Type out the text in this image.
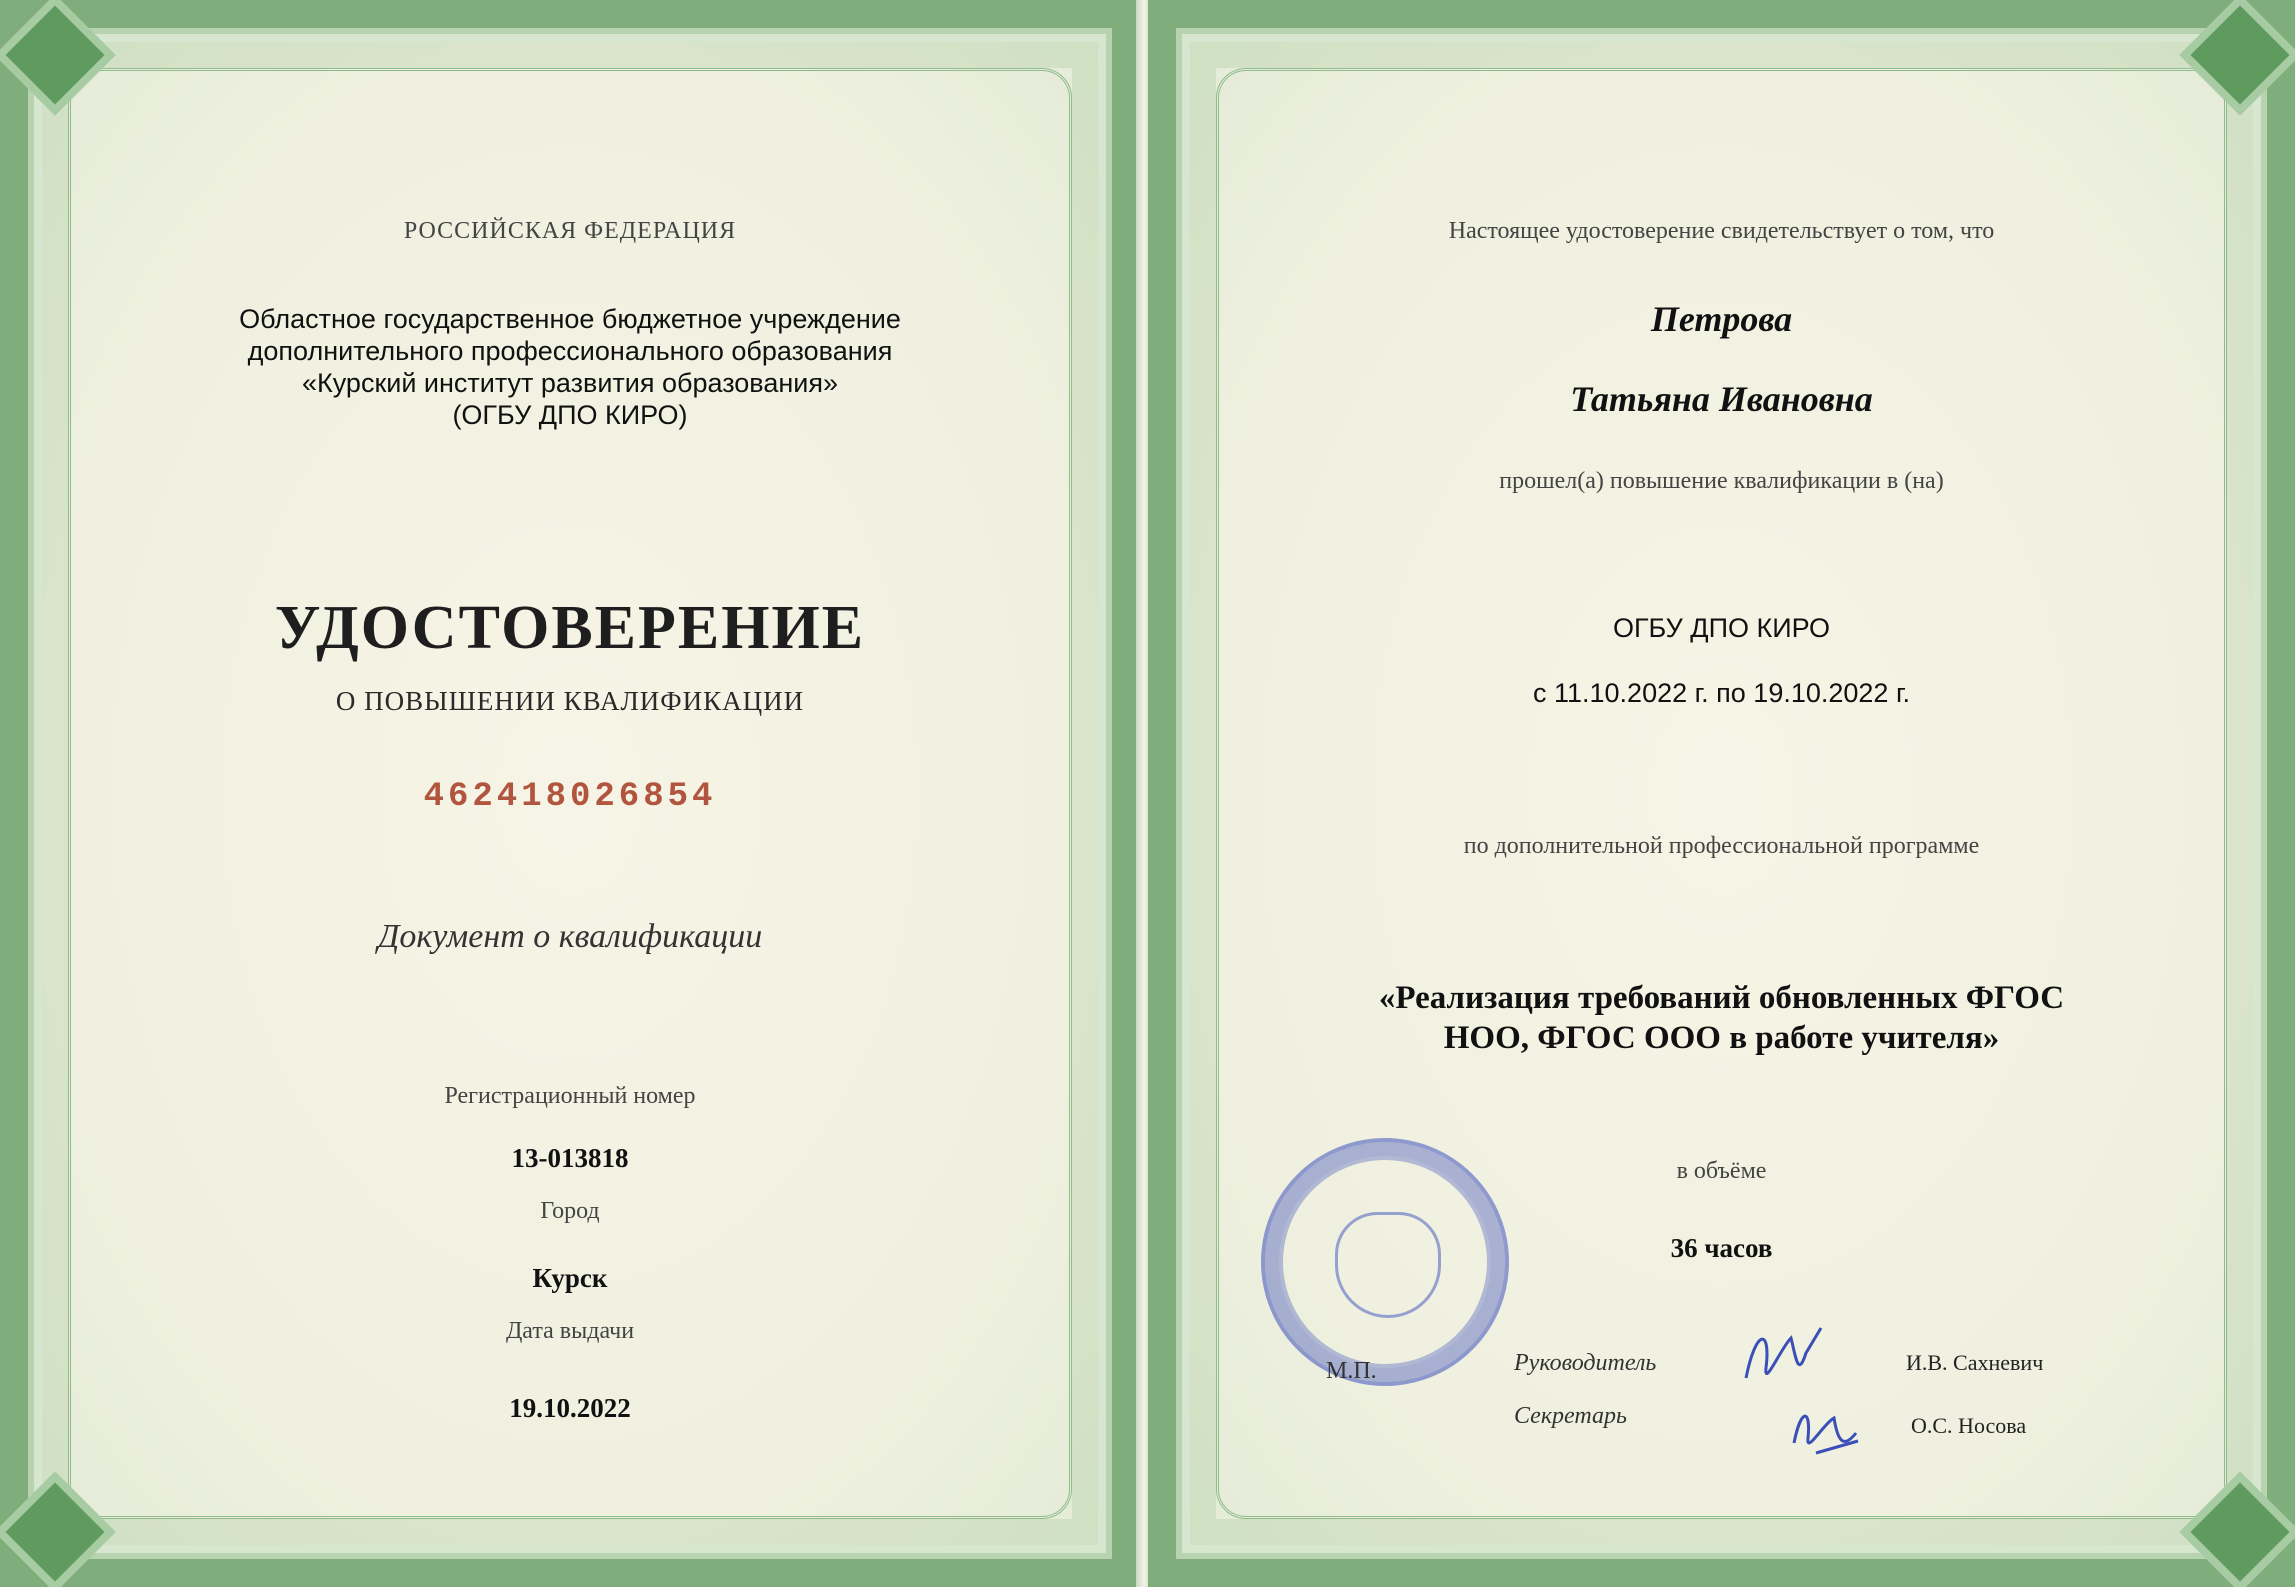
РОССИЙСКАЯ ФЕДЕРАЦИЯ
Областное государственное бюджетное учреждение
дополнительного профессионального образования
«Курский институт развития образования»
(ОГБУ ДПО КИРО)
УДОСТОВЕРЕНИЕ
О ПОВЫШЕНИИ КВАЛИФИКАЦИИ
462418026854
Документ о квалификации
Регистрационный номер
13-013818
Город
Курск
Дата выдачи
19.10.2022
Настоящее удостоверение свидетельствует о том, что
Петрова
Татьяна Ивановна
прошел(а) повышение квалификации в (на)
ОГБУ ДПО КИРО
с 11.10.2022 г. по 19.10.2022 г.
по дополнительной профессиональной программе
«Реализация требований обновленных ФГОС
НОО, ФГОС ООО в работе учителя»
в объёме
36 часов
М.П.	Руководитель
Секретарь
И.В. Сахневич
О.С. Носова
